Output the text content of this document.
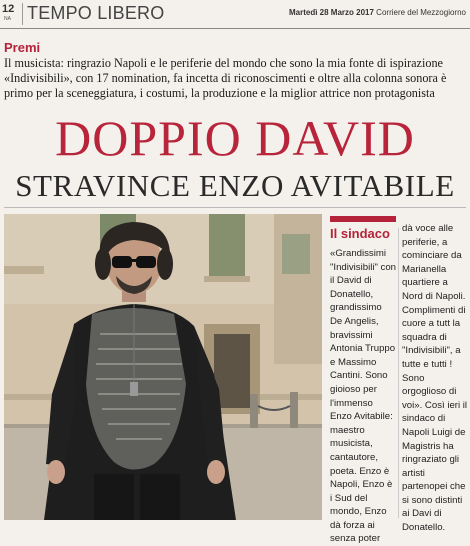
12
NA TEMPO LIBERO	Martedì 28 Marzo 2017 Corriere del Mezzogiorno
Premi
Il musicista: ringrazio Napoli e le periferie del mondo che sono la mia fonte di ispirazione «Indivisibili», con 17 nomination, fa incetta di riconoscimenti e oltre alla colonna sonora è primo per la sceneggiatura, i costumi, la produzione e la miglior attrice non protagonista
DOPPIO DAVID
STRAVINCE ENZO AVITABILE
Il sindaco

«Grandissimi "Indivisibili" con il David di Donatello, grandissimo De Angelis, bravissimi Antonia Truppo e Massimo Cantini. Sono gioioso per l'immenso Enzo Avitabile: maestro musicista, cantautore, poeta. Enzo è Napoli, Enzo è i Sud del mondo, Enzo dà forza ai senza poter

dà voce alle periferie, a cominciare da Marianella quartiere a Nord di Napoli. Complimenti di cuore a tutt la squadra di "Indivisibili", a tutte e tutti ! Sono orgoglioso di voi». Così ieri il sindaco di Napoli Luigi de Magistris ha ringraziato gli artisti partenopei che si sono distinti ai Davi di Donatello.
